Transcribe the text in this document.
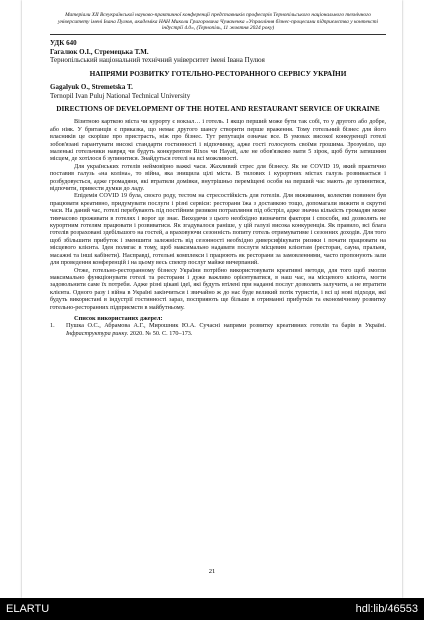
Матеріали XII Всеукраїнської науково-практичної конференції представників професорів Тернопільського національного технічного університету імені Івана Пулюя, академіка НАН Миколи Григоровича Чумаченка «Управління бізнес-процесами підприємства у контексті індустрії 4.0», (Тернопіль, 11 жовтня 2024 року)
УДК 640
Гагалюк О.І., Стремецька Т.М.
Тернопільський національний технічний університет імені Івана Пулюя
НАПРЯМИ РОЗВИТКУ ГОТЕЛЬНО-РЕСТОРАННОГО СЕРВІСУ УКРАЇНИ
Gagalyuk O., Stremetska T.
Ternopil Ivan Puluj National Technical University
DIRECTIONS OF DEVELOPMENT OF THE HOTEL AND RESTAURANT SERVICE OF UKRAINE

Візитною карткою міста чи курорту є вокзал… і готель. І якщо перший може бути так собі, то у другого або добре, або ніяк. У британців є приказка, що немає другого шансу створити перше враження. Тому готельний бізнес для його власників це скоріше про пристрасть, ніж про бізнес. Тут репутація означає все. В умовах високої конкуренції готелі зобов'язані гарантувати високі стандарти гостинності і відпочинку, адже гості голосують своїми грошима. Зрозуміло, що маленькі готельчики навряд чи будуть конкурентом Rixos чи Hayatt, але не обов'язково мати 5 зірок, щоб бути затишним місцем, де хотілося б зупинитися. Знайдуться готелі на всі можливості.

Для українських готелів неймовірно важкі часи. Жахливий стрес для бізнесу. Як не COVID 19, який практично поставив галузь «на коліна», то війна, яка знищила цілі міста. В тилових і курортних містах галузь розвивається і розбудовується, адже громадяни, які втратили домівки, внутрішньо переміщені особи на перший час мають де зупинитися, відпочити, привести думки до ладу.

Епідемія COVID 19 була, своєго роду, тестом на стресостійкість для готелів. Для виживання, колектив повинен був працювати креативно, придумувати послуги і різні сервіси: ресторани їжа з доставкою тощо, допомагали вижити в скрутні часи. На даний час, готелі перебувають під постійним ризиком потрапляння під обстріл, адже значна кількість громадян може тимчасово проживати в готелях і ворог це знає. Виходячи з цього необхідно визначити фактори і способи, які дозволять не курортним готелям працювати і розвиватися. Як згадувалося раніше, у цій галузі висока конкуренція. Як правило, всі блага готелів розраховані здебільшого на гостей, а враховуючи сезонність попиту готель отримуватиме і сезонних доходів. Для того щоб збільшити прибуток і зменшити залежність від сезонності необхідно диверсифікувати ризики і почати працювати на місцевого клієнта. Ідея полягає в тому, щоб максимально надавати послуги місцевим клієнтам (ресторан, сауна, пральня, масажні та інші кабінети). Насправді, готельні комплекси і працюють як ресторани за замовленнями, часто пропонують зали для проведення конференцій і на цьому весь спектр послуг майже вичерпаний.

Отже, готельно-ресторанному бізнесу України потрібно використовувати креативні методи, для того щоб змогли максимально функціонувати готелі та ресторани і дуже важливо орієнтуватися, в наш час, на місцевого клієнта, могти задовольнити саме їх потреби. Адже різні цікаві ідеї, які будуть втілені при наданні послуг дозволять залучити, а не втратити клієнта. Одного разу і війна в Україні закінчиться і звичайно ж до нас будe великий потік туристів, і всі ці нові підходи, які будуть використані в індустрії гостинності зараз, посприяють ще більше в отриманні прибутків та економічному розвитку готельно-ресторанних підприємств в майбутньому.

Список використаних джерел:
1.	Пушка О.С., Абрамова А.Г., Мирошник Ю.А. Сучасні напрями розвитку креативних готелів та барів в Україні. Інфраструктура ринку. 2020. № 50. С. 170–173.
21
ELARTU	hdl:lib/46553
